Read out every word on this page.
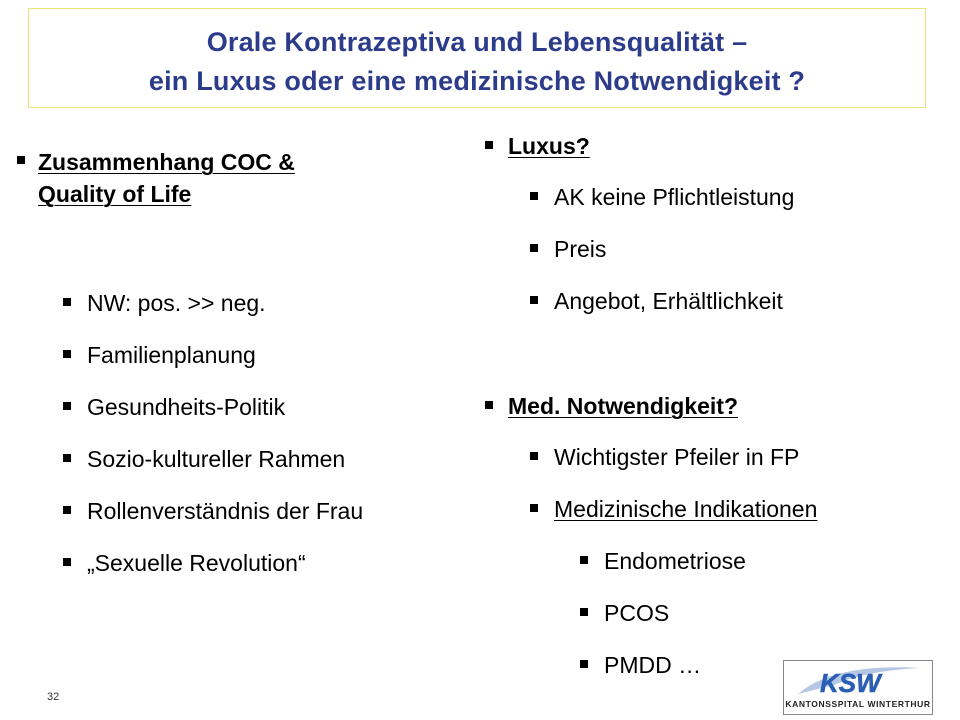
Orale Kontrazeptiva und Lebensqualität –
ein Luxus oder eine medizinische Notwendigkeit ?
Zusammenhang COC &
Quality of Life
NW: pos. >> neg.
Familienplanung
Gesundheits-Politik
Sozio-kultureller Rahmen
Rollenverständnis der Frau
„Sexuelle Revolution“
Luxus?
AK keine Pflichtleistung
Preis
Angebot, Erhältlichkeit
Med. Notwendigkeit?
Wichtigster Pfeiler in FP
Medizinische Indikationen
Endometriose
PCOS
PMDD …
32	KSW
KANTONSSPITAL WINTERTHUR
